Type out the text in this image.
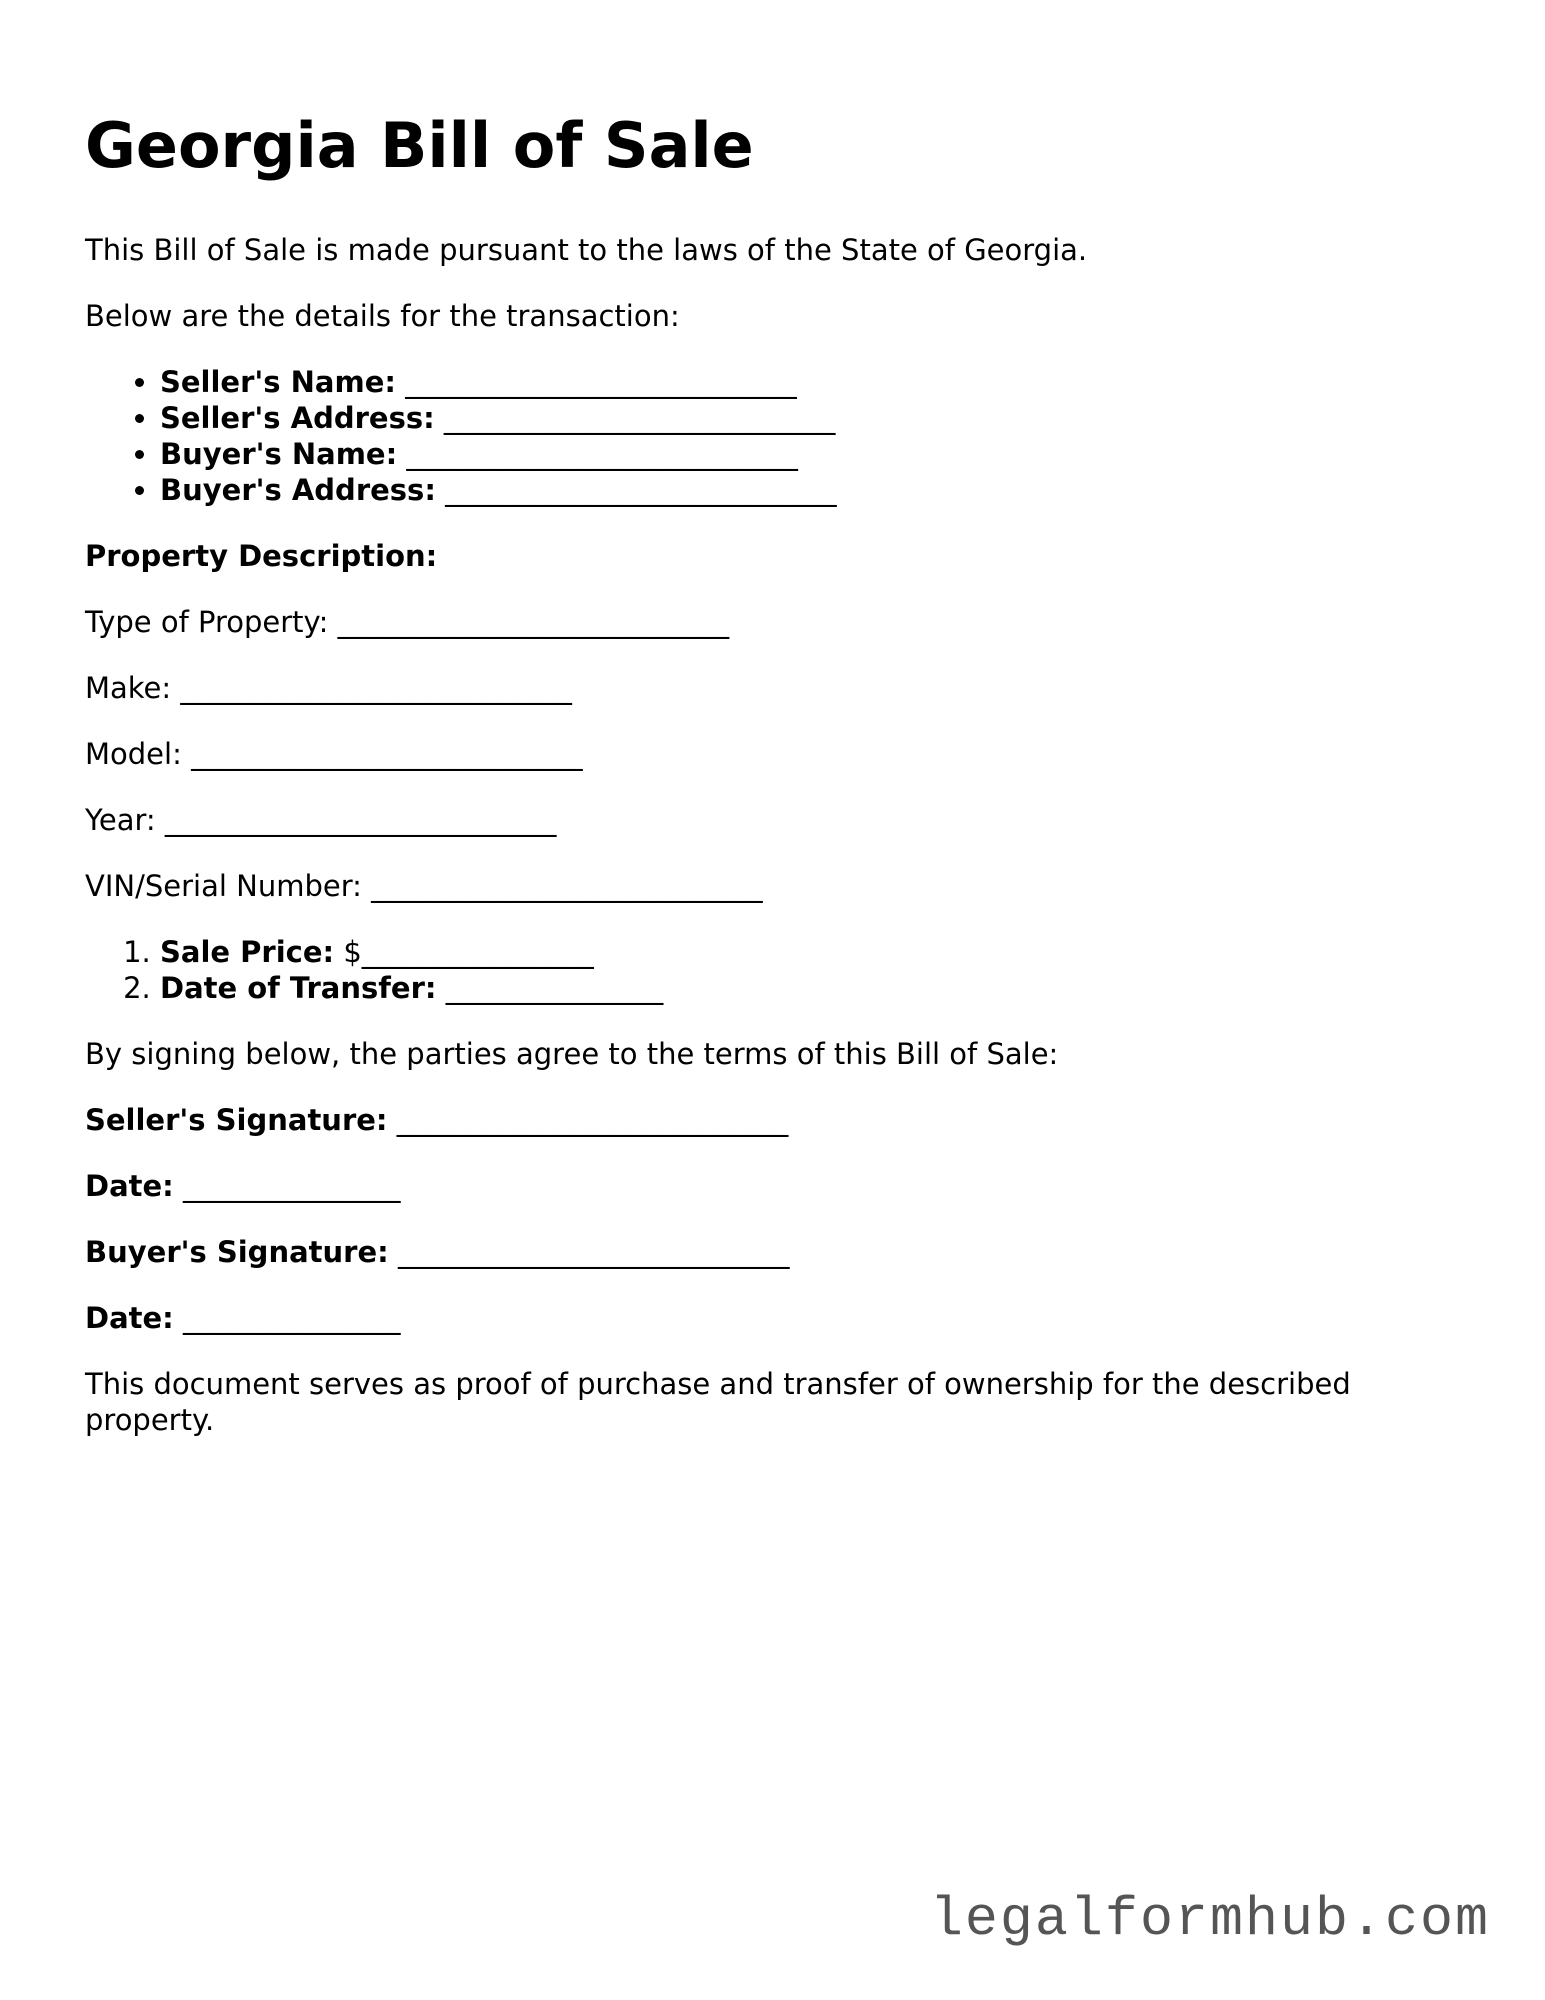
Georgia Bill of Sale

This Bill of Sale is made pursuant to the laws of the State of Georgia.

Below are the details for the transaction:

• Seller's Name: ___________________________
• Seller's Address: ___________________________
• Buyer's Name: ___________________________
• Buyer's Address: ___________________________

Property Description:

Type of Property: ___________________________

Make: ___________________________

Model: ___________________________

Year: ___________________________

VIN/Serial Number: ___________________________

1. Sale Price: $________________
2. Date of Transfer: _______________

By signing below, the parties agree to the terms of this Bill of Sale:

Seller's Signature: ___________________________

Date: _______________

Buyer's Signature: ___________________________

Date: _______________

This document serves as proof of purchase and transfer of ownership for the described property.

legalformhub.com
